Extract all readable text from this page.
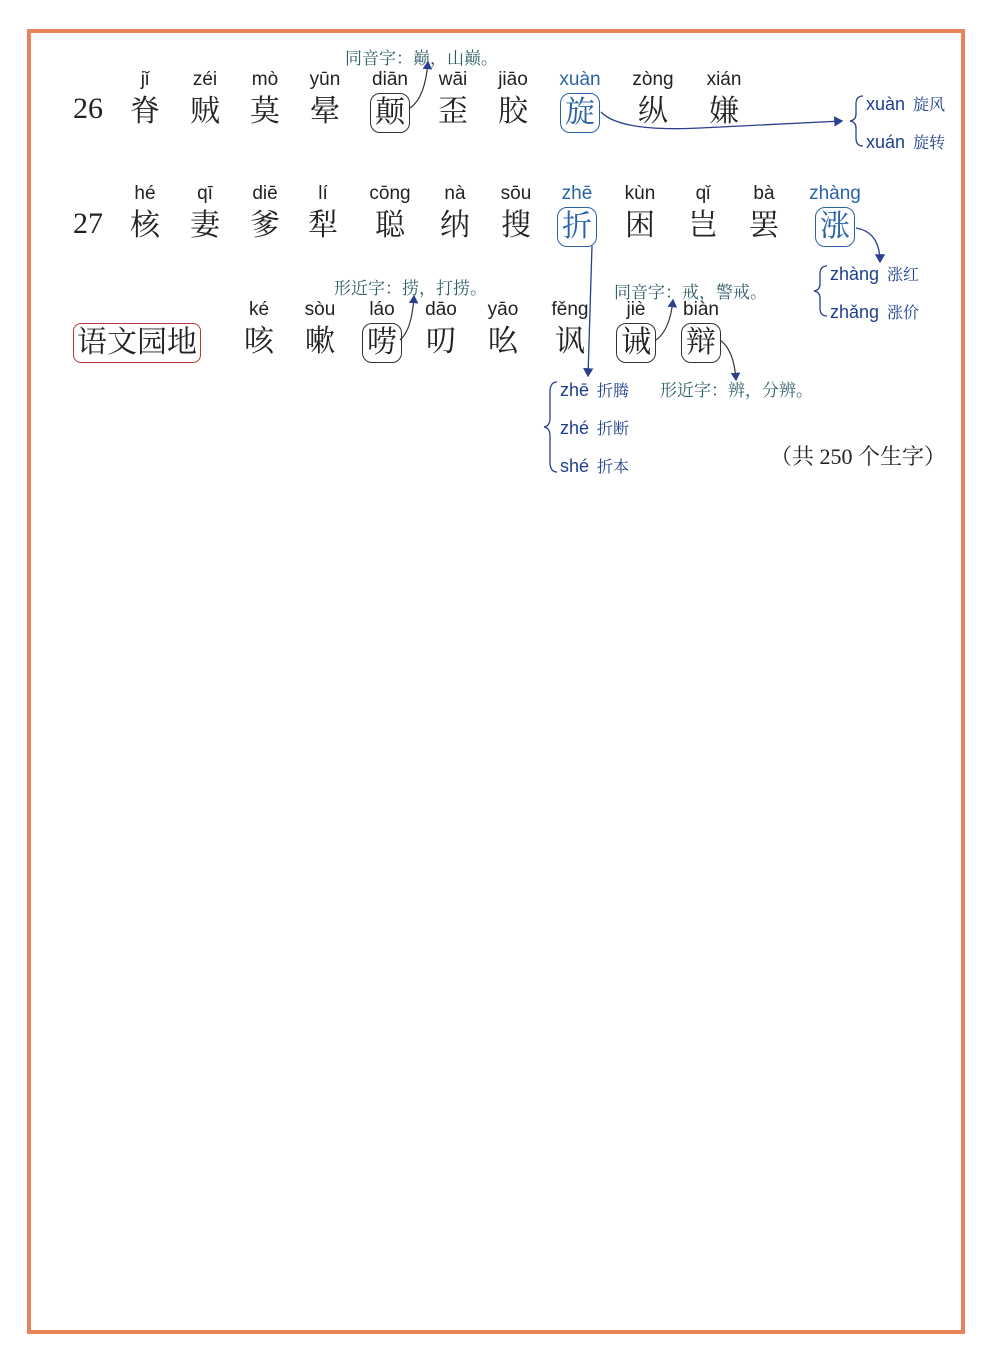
26
jǐ
脊
zéi
贼
mò
莫
yūn
晕
diān
颠
wāi
歪
jiāo
胶
xuàn
旋
zòng
纵
xián
嫌
同音字：巅，山巅。
xuàn 旋风
xuán 旋转
27
hé
核
qī
妻
diē
爹
lí
犁
cōng
聪
nà
纳
sōu
搜
zhē
折
kùn
困
qǐ
岂
bà
罢
zhàng
涨
zhàng 涨红
zhǎng 涨价
zhē 折腾
zhé 折断
shé 折本
语文园地
ké
咳
sòu
嗽
láo
唠
dāo
叨
yāo
吆
fěng
讽
jiè
诫
biàn
辩
形近字：捞，打捞。	同音字：戒，警戒。
形近字：辨，分辨。
（共 250 个生字）
